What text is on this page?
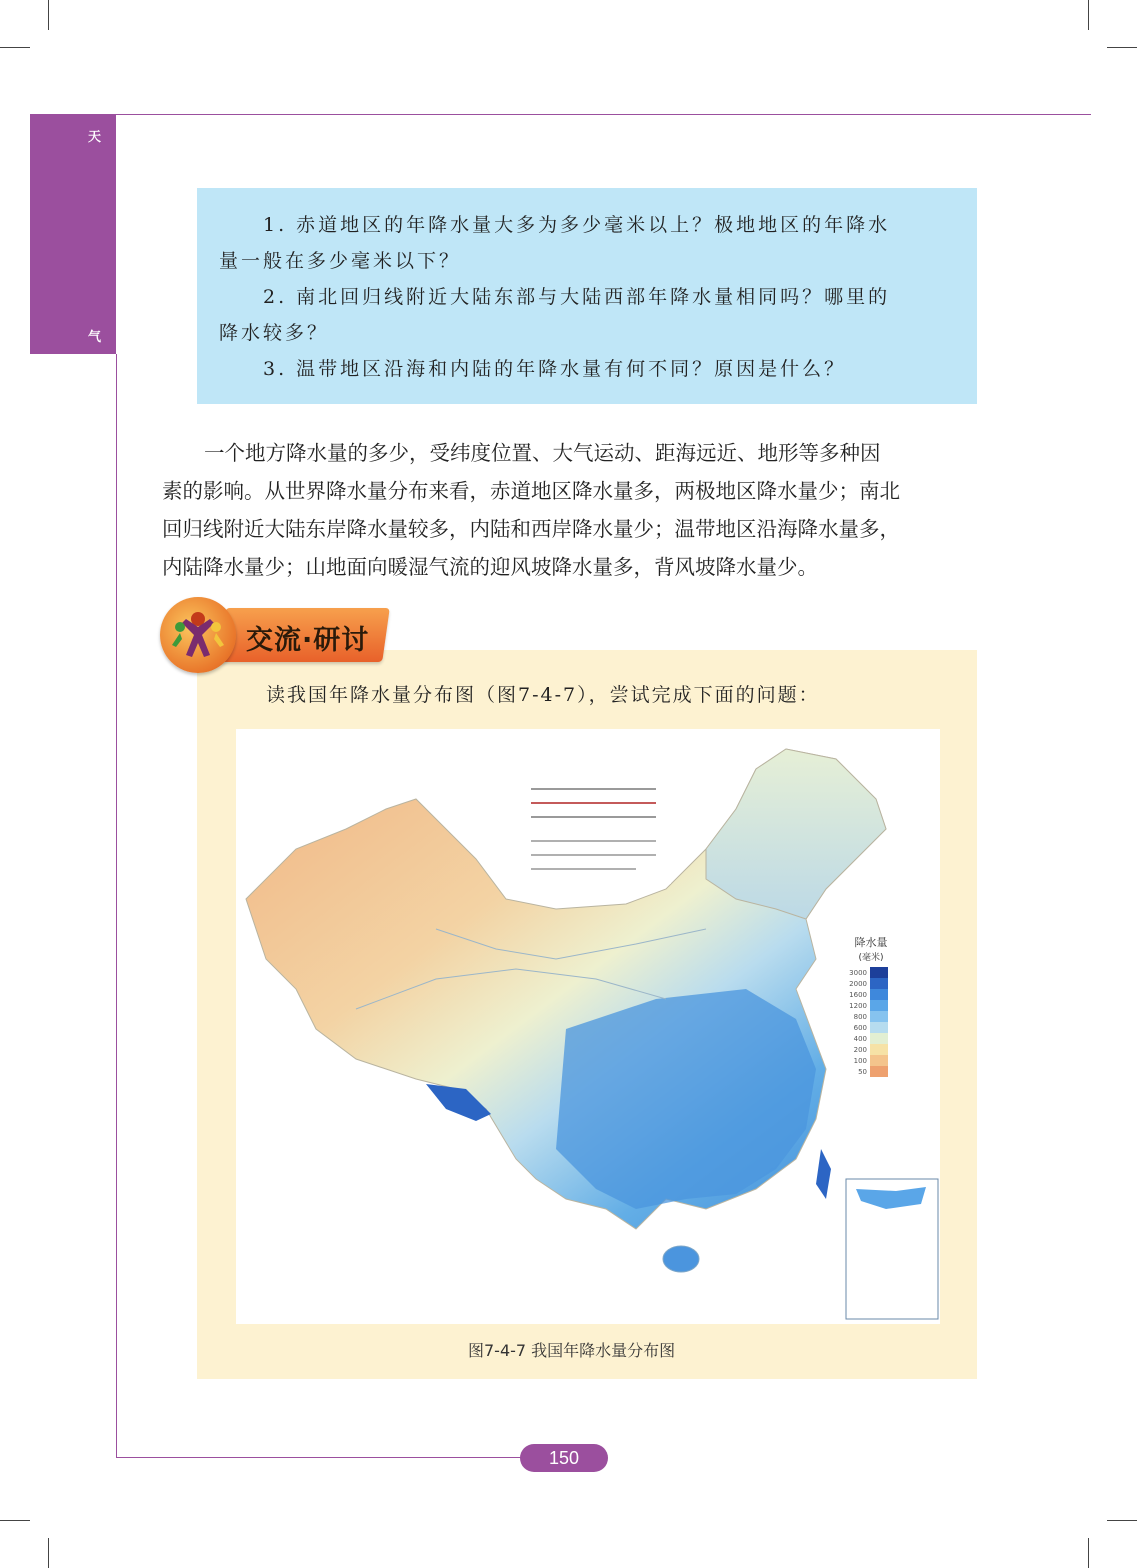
天
气
1. 赤道地区的年降水量大多为多少毫米以上？极地地区的年降水
量一般在多少毫米以下？
2. 南北回归线附近大陆东部与大陆西部年降水量相同吗？哪里的
降水较多？
3. 温带地区沿海和内陆的年降水量有何不同？原因是什么？
一个地方降水量的多少，受纬度位置、大气运动、距海远近、地形等多种因
素的影响。从世界降水量分布来看，赤道地区降水量多，两极地区降水量少；南北
回归线附近大陆东岸降水量较多，内陆和西岸降水量少；温带地区沿海降水量多，
内陆降水量少；山地面向暖湿气流的迎风坡降水量多，背风坡降水量少。
交流·研讨
读我国年降水量分布图（图7-4-7），尝试完成下面的问题：
降水量
(毫米)
3000
2000
1600
1200
800
600
400
200
100
50
图7-4-7 我国年降水量分布图
150
